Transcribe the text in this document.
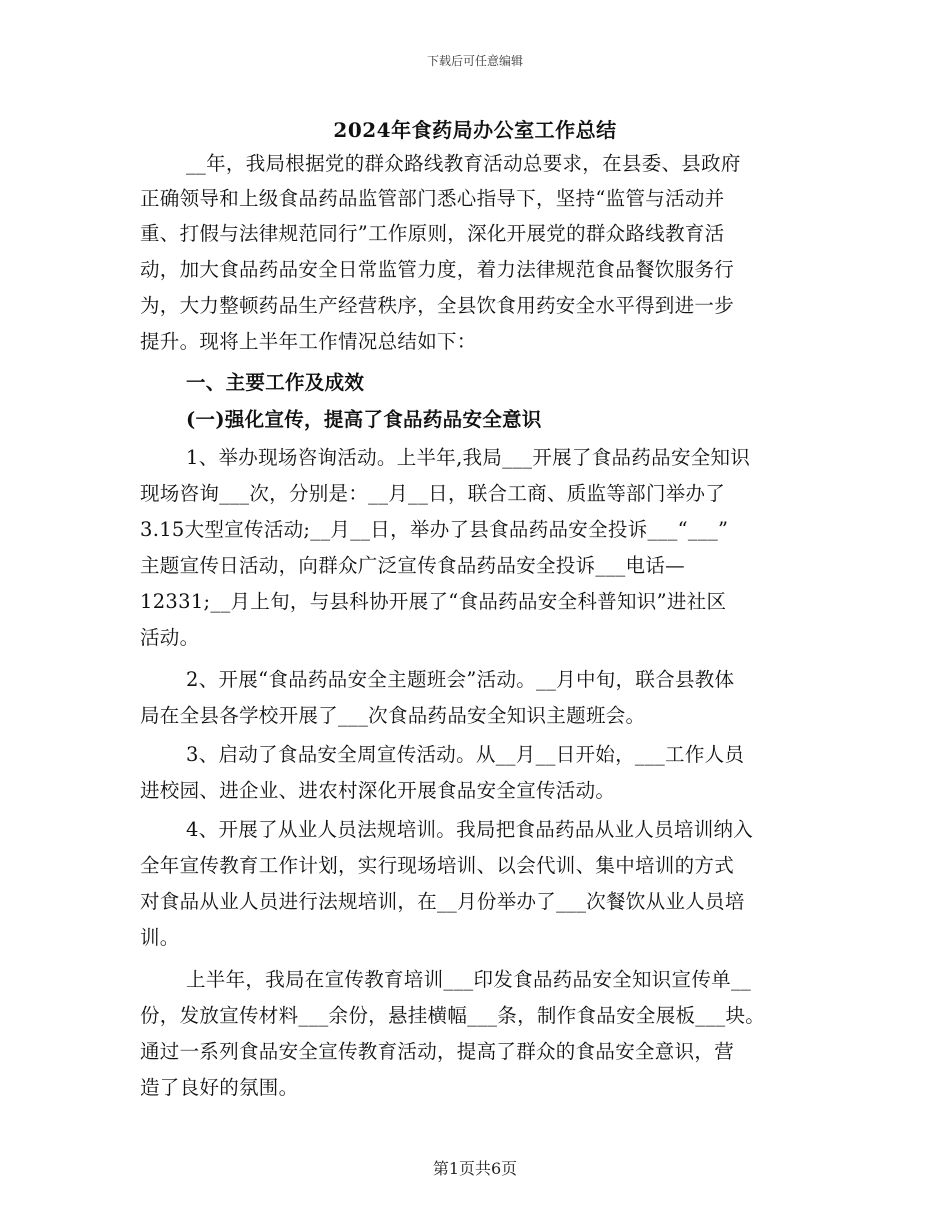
下载后可任意编辑
2024年食药局办公室工作总结
__年，我局根据党的群众路线教育活动总要求，在县委、县政府
正确领导和上级食品药品监管部门悉心指导下，坚持“监管与活动并
重、打假与法律规范同行”工作原则，深化开展党的群众路线教育活
动，加大食品药品安全日常监管力度，着力法律规范食品餐饮服务行
为，大力整顿药品生产经营秩序，全县饮食用药安全水平得到进一步
提升。现将上半年工作情况总结如下：
一、主要工作及成效
(一)强化宣传，提高了食品药品安全意识
1、举办现场咨询活动。上半年,我局___开展了食品药品安全知识
现场咨询___次，分别是：__月__日，联合工商、质监等部门举办了
3.15大型宣传活动;__月__日，举办了县食品药品安全投诉___“___”
主题宣传日活动，向群众广泛宣传食品药品安全投诉___电话—
12331;__月上旬，与县科协开展了“食品药品安全科普知识”进社区
活动。
2、开展“食品药品安全主题班会”活动。__月中旬，联合县教体
局在全县各学校开展了___次食品药品安全知识主题班会。
3、启动了食品安全周宣传活动。从__月__日开始，___工作人员
进校园、进企业、进农村深化开展食品安全宣传活动。
4、开展了从业人员法规培训。我局把食品药品从业人员培训纳入
全年宣传教育工作计划，实行现场培训、以会代训、集中培训的方式
对食品从业人员进行法规培训，在__月份举办了___次餐饮从业人员培
训。
上半年，我局在宣传教育培训___印发食品药品安全知识宣传单__
份，发放宣传材料___余份，悬挂横幅___条，制作食品安全展板___块。
通过一系列食品安全宣传教育活动，提高了群众的食品安全意识，营
造了良好的氛围。
第1页共6页
